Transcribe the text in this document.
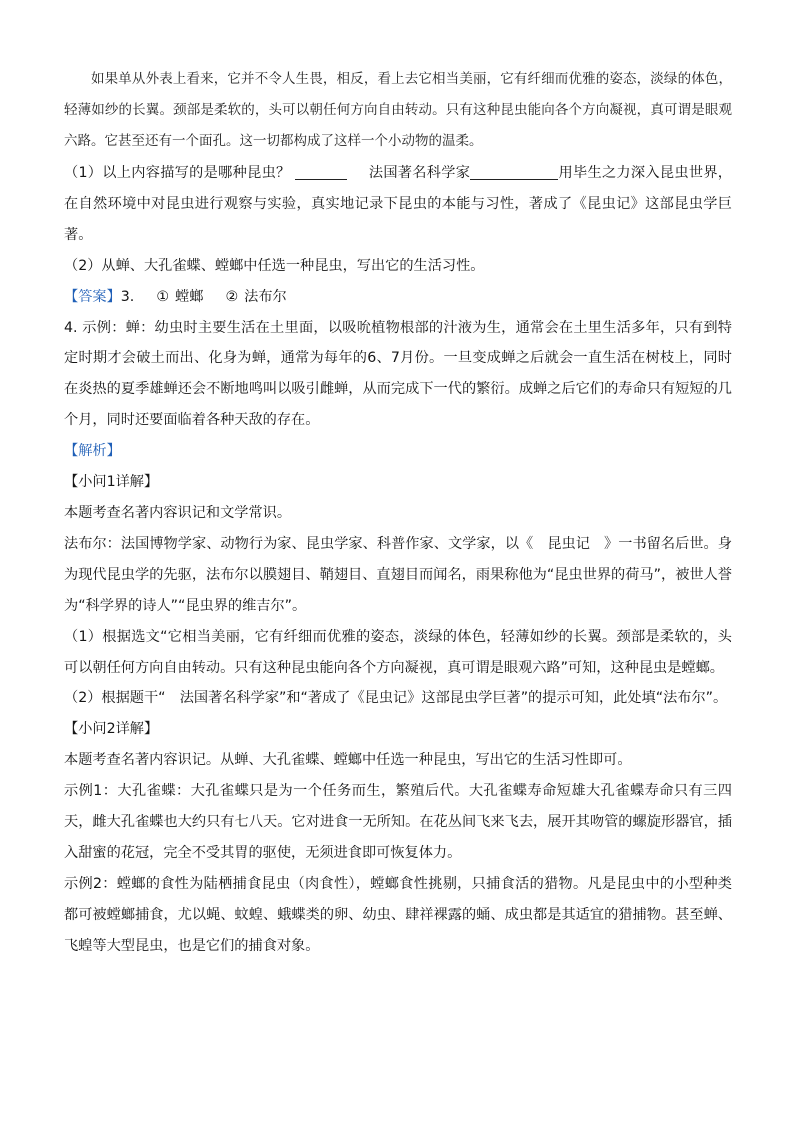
如果单从外表上看来，它并不令人生畏，相反，看上去它相当美丽，它有纤细而优雅的姿态，淡绿的体色，轻薄如纱的长翼。颈部是柔软的，头可以朝任何方向自由转动。只有这种昆虫能向各个方向凝视，真可谓是眼观六路。它甚至还有一个面孔。这一切都构成了这样一个小动物的温柔。

（1）以上内容描写的是哪种昆虫？	法国著名科学家	用毕生之力深入昆虫世界，在自然环境中对昆虫进行观察与实验，真实地记录下昆虫的本能与习性，著成了《昆虫记》这部昆虫学巨著。

（2）从蝉、大孔雀蝶、螳螂中任选一种昆虫，写出它的生活习性。

【答案】3. ① 螳螂 ② 法布尔

4. 示例：蝉：幼虫时主要生活在土里面，以吸吮植物根部的汁液为生，通常会在土里生活多年，只有到特定时期才会破土而出、化身为蝉，通常为每年的6、7月份。一旦变成蝉之后就会一直生活在树枝上，同时在炎热的夏季雄蝉还会不断地鸣叫以吸引雌蝉，从而完成下一代的繁衍。成蝉之后它们的寿命只有短短的几个月，同时还要面临着各种天敌的存在。

【解析】

【小问1详解】

本题考查名著内容识记和文学常识。

法布尔：法国博物学家、动物行为家、昆虫学家、科普作家、文学家，以《 昆虫记 》一书留名后世。身为现代昆虫学的先驱，法布尔以膜翅目、鞘翅目、直翅目而闻名，雨果称他为“昆虫世界的荷马”，被世人誉为“科学界的诗人”“昆虫界的维吉尔”。

（1）根据选文“它相当美丽，它有纤细而优雅的姿态，淡绿的体色，轻薄如纱的长翼。颈部是柔软的，头可以朝任何方向自由转动。只有这种昆虫能向各个方向凝视，真可谓是眼观六路”可知，这种昆虫是螳螂。

（2）根据题干“　法国著名科学家”和“著成了《昆虫记》这部昆虫学巨著”的提示可知，此处填“法布尔”。

【小问2详解】

本题考查名著内容识记。从蝉、大孔雀蝶、螳螂中任选一种昆虫，写出它的生活习性即可。

示例1：大孔雀蝶：大孔雀蝶只是为一个任务而生，繁殖后代。大孔雀蝶寿命短雄大孔雀蝶寿命只有三四天，雌大孔雀蝶也大约只有七八天。它对进食一无所知。在花丛间飞来飞去，展开其吻管的螺旋形器官，插入甜蜜的花冠，完全不受其胃的驱使，无须进食即可恢复体力。

示例2：螳螂的食性为陆栖捕食昆虫（肉食性），螳螂食性挑剔，只捕食活的猎物。凡是昆虫中的小型种类都可被螳螂捕食，尤以蝇、蚊蝗、蛾蝶类的卵、幼虫、肆祥裸露的蛹、成虫都是其适宜的猎捕物。甚至蝉、飞蝗等大型昆虫，也是它们的捕食对象。
